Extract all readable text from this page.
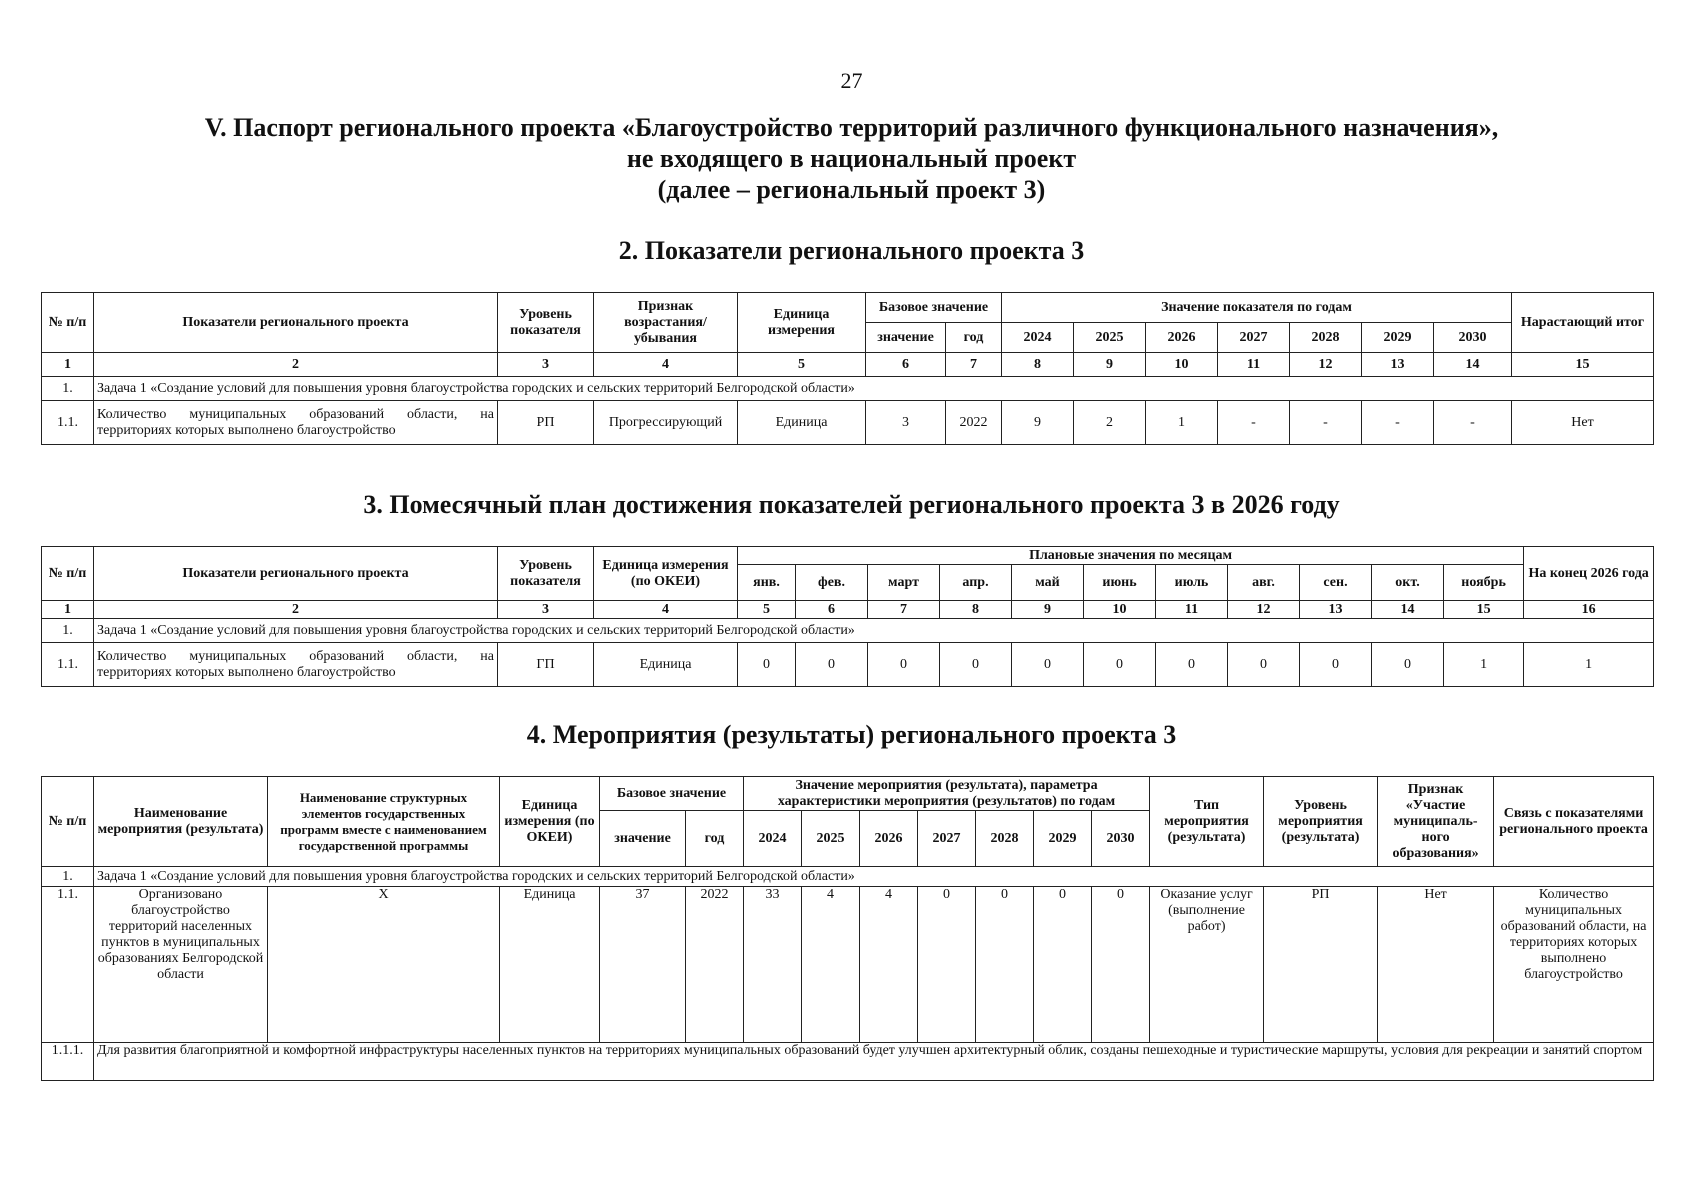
27
V. Паспорт регионального проекта «Благоустройство территорий различного функционального назначения»,
не входящего в национальный проект
(далее – региональный проект 3)
2. Показатели регионального проекта 3
№ п/п	Показатели регионального проекта	Уровень показателя	Признак возрастания/ убывания	Единица измерения	Базовое значение		Значение показателя по годам							Нарастающий итог
					значение	год	2024	2025	2026	2027	2028	2029	2030	
1	2	3	4	5	6	7	8	9	10	11	12	13	14	15
1.	Задача 1 «Создание условий для повышения уровня благоустройства городских и сельских территорий Белгородской области»													
1.1.	Количество муниципальных образований области, на территориях которых выполнено благоустройство	РП	Прогрессирующий	Единица	3	2022	9	2	1	-	-	-	-	Нет
3. Помесячный план достижения показателей регионального проекта 3 в 2026 году
№ п/п	Показатели регионального проекта	Уровень показателя	Единица измерения (по ОКЕИ)	Плановые значения по месяцам											На конец 2026 года
				янв.	фев.	март	апр.	май	июнь	июль	авг.	сен.	окт.	ноябрь	
1	2	3	4	5	6	7	8	9	10	11	12	13	14	15	16
1.	Задача 1 «Создание условий для повышения уровня благоустройства городских и сельских территорий Белгородской области»														
1.1.	Количество муниципальных образований области, на территориях которых выполнено благоустройство	ГП	Единица	0	0	0	0	0	0	0	0	0	0	1	1
4. Мероприятия (результаты) регионального проекта 3
№ п/п	Наименование мероприятия (результата)	Наименование структурных элементов государственных программ вместе с наименованием государственной программы	Единица измерения (по ОКЕИ)	Базовое значение		Значение мероприятия (результата), параметра характеристики мероприятия (результатов) по годам							Тип мероприятия (результата)	Уровень мероприятия (результата)	Признак «Участие муниципаль-ного образования»	Связь с показателями регионального проекта
				значение	год	2024	2025	2026	2027	2028	2029	2030				
1.	Задача 1 «Создание условий для повышения уровня благоустройства городских и сельских территорий Белгородской области»															
1.1.	Организовано благоустройство территорий населенных пунктов в муниципальных образованиях Белгородской области	Х	Единица	37	2022	33	4	4	0	0	0	0	Оказание услуг (выполнение работ)	РП	Нет	Количество муниципальных образований области, на территориях которых выполнено благоустройство
1.1.1.	Для развития благоприятной и комфортной инфраструктуры населенных пунктов на территориях муниципальных образований будет улучшен архитектурный облик, созданы пешеходные и туристические маршруты, условия для рекреации и занятий спортом															
